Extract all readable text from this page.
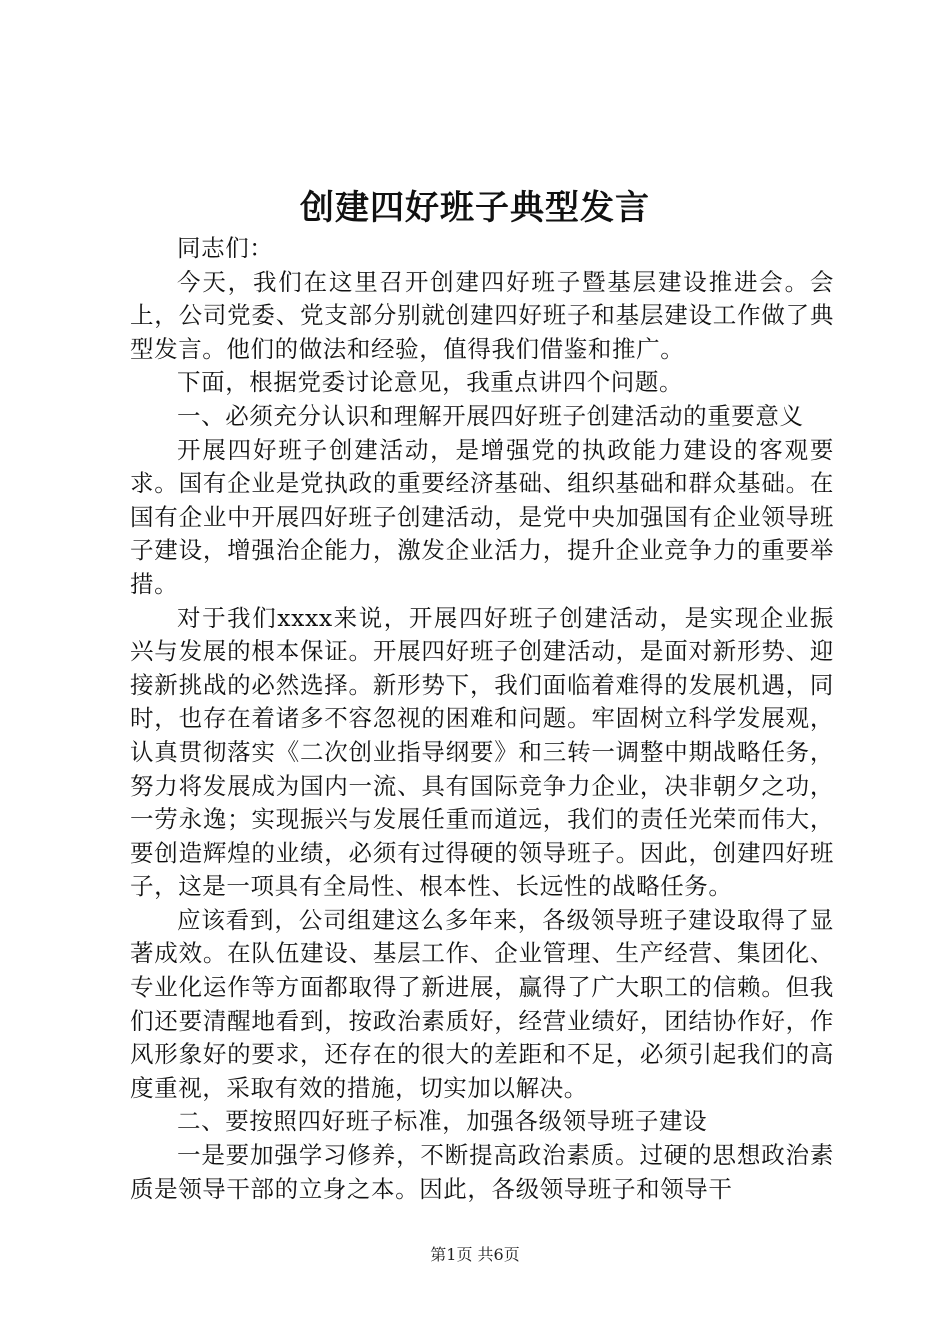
创建四好班子典型发言

同志们：

今天，我们在这里召开创建四好班子暨基层建设推进会。会上，公司党委、党支部分别就创建四好班子和基层建设工作做了典型发言。他们的做法和经验，值得我们借鉴和推广。

下面，根据党委讨论意见，我重点讲四个问题。

一、必须充分认识和理解开展四好班子创建活动的重要意义

开展四好班子创建活动，是增强党的执政能力建设的客观要求。国有企业是党执政的重要经济基础、组织基础和群众基础。在国有企业中开展四好班子创建活动，是党中央加强国有企业领导班子建设，增强治企能力，激发企业活力，提升企业竞争力的重要举措。

对于我们xxxx来说，开展四好班子创建活动，是实现企业振兴与发展的根本保证。开展四好班子创建活动，是面对新形势、迎接新挑战的必然选择。新形势下，我们面临着难得的发展机遇，同时，也存在着诸多不容忽视的困难和问题。牢固树立科学发展观，认真贯彻落实《二次创业指导纲要》和三转一调整中期战略任务，努力将发展成为国内一流、具有国际竞争力企业，决非朝夕之功，一劳永逸；实现振兴与发展任重而道远，我们的责任光荣而伟大，要创造辉煌的业绩，必须有过得硬的领导班子。因此，创建四好班子，这是一项具有全局性、根本性、长远性的战略任务。

应该看到，公司组建这么多年来，各级领导班子建设取得了显著成效。在队伍建设、基层工作、企业管理、生产经营、集团化、专业化运作等方面都取得了新进展，赢得了广大职工的信赖。但我们还要清醒地看到，按政治素质好，经营业绩好，团结协作好，作风形象好的要求，还存在的很大的差距和不足，必须引起我们的高度重视，采取有效的措施，切实加以解决。

二、要按照四好班子标准，加强各级领导班子建设

一是要加强学习修养，不断提高政治素质。过硬的思想政治素质是领导干部的立身之本。因此，各级领导班子和领导干

第1页 共6页
